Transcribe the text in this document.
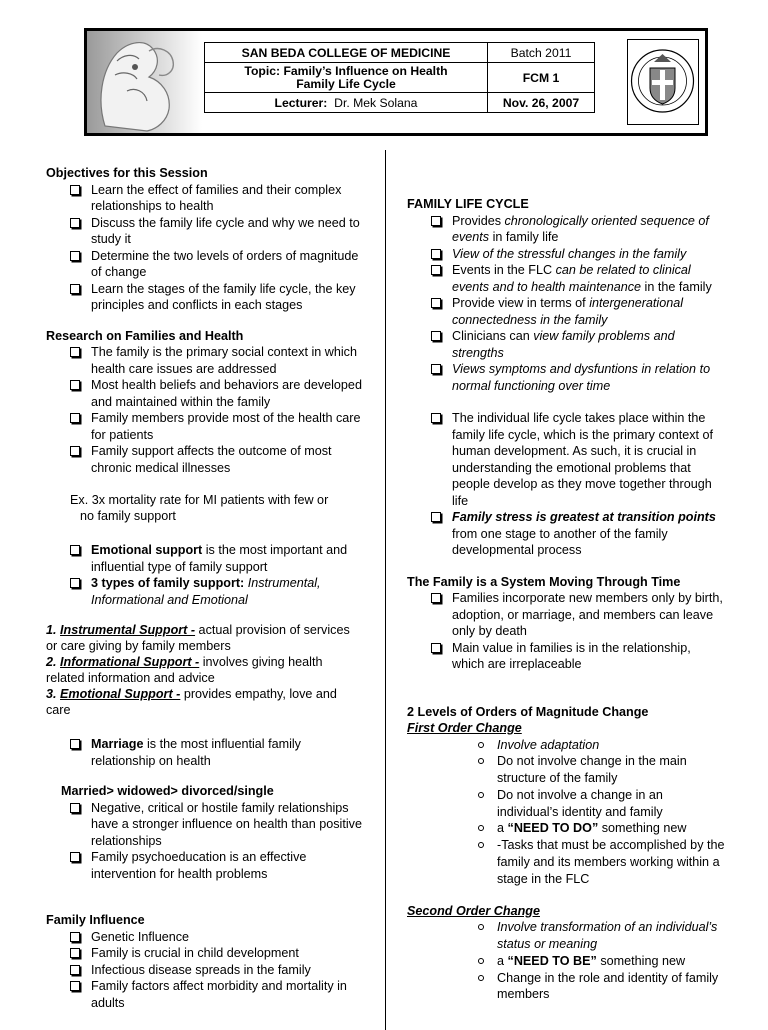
SAN BEDA COLLEGE OF MEDICINE	Batch 2011
Topic: Family’s Influence on Health
Family Life Cycle	FCM 1
Lecturer: Dr. Mek Solana	Nov. 26, 2007

Objectives for this Session

Learn the effect of families and their complex relationships to health
Discuss the family life cycle and why we need to study it
Determine the two levels of orders of magnitude of change
Learn the stages of the family life cycle, the key principles and conflicts in each stages

Research on Families and Health

The family is the primary social context in which health care issues are addressed
Most health beliefs and behaviors are developed and maintained within the family
Family members provide most of the health care for patients
Family support affects the outcome of most chronic medical illnesses
Ex. 3x mortality rate for MI patients with few or no family support
Emotional support is the most important and influential type of family support
3 types of family support: Instrumental, Informational and Emotional
1. Instrumental Support - actual provision of services or care giving by family members
2. Informational Support - involves giving health related information and advice
3. Emotional Support - provides empathy, love and care
Marriage is the most influential family relationship on health

Married> widowed> divorced/single

Negative, critical or hostile family relationships have a stronger influence on health than positive relationships
Family psychoeducation is an effective intervention for health problems

Family Influence

Genetic Influence
Family is crucial in child development
Infectious disease spreads in the family
Family factors affect morbidity and mortality in adults

FAMILY LIFE CYCLE

Provides chronologically oriented sequence of events in family life
View of the stressful changes in the family
Events in the FLC can be related to clinical events and to health maintenance in the family
Provide view in terms of intergenerational connectedness in the family
Clinicians can view family problems and strengths
Views symptoms and dysfuntions in relation to normal functioning over time
The individual life cycle takes place within the family life cycle, which is the primary context of human development. As such, it is crucial in understanding the emotional problems that people develop as they move together through life
Family stress is greatest at transition points from one stage to another of the family developmental process

The Family is a System Moving Through Time

Families incorporate new members only by birth, adoption, or marriage, and members can leave only by death
Main value in families is in the relationship, which are irreplaceable

2 Levels of Orders of Magnitude Change

First Order Change

Involve adaptation
Do not involve change in the main structure of the family
Do not involve a change in an individual’s identity and family
a “NEED TO DO” something new
-Tasks that must be accomplished by the family and its members working within a stage in the FLC

Second Order Change

Involve transformation of an individual’s status or meaning
a “NEED TO BE” something new
Change in the role and identity of family members
